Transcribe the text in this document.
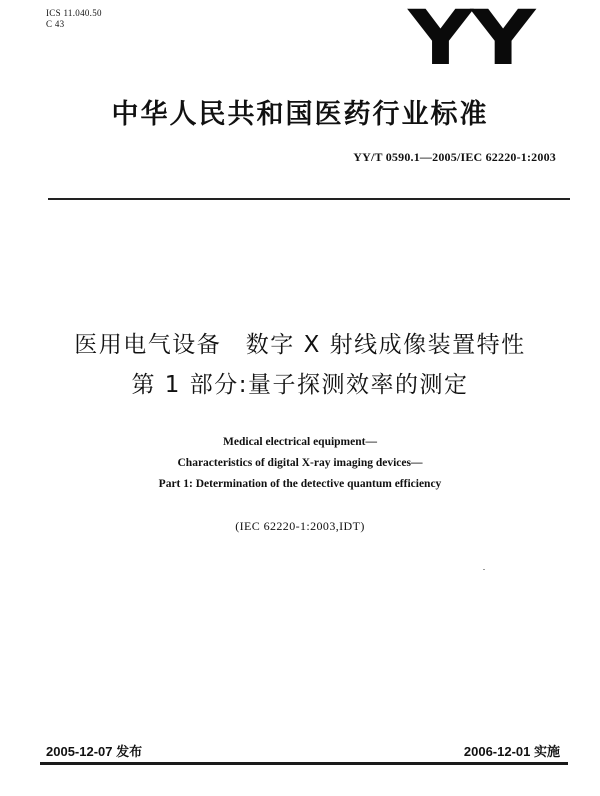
ICS 11.040.50
C 43	YY
中华人民共和国医药行业标准
YY/T 0590.1—2005/IEC 62220-1:2003
医用电气设备　数字 X 射线成像装置特性
第 1 部分:量子探测效率的测定
Medical electrical equipment—
Characteristics of digital X-ray imaging devices—
Part 1: Determination of the detective quantum efficiency
(IEC 62220-1:2003,IDT)
2005-12-07 发布	2006-12-01 实施
